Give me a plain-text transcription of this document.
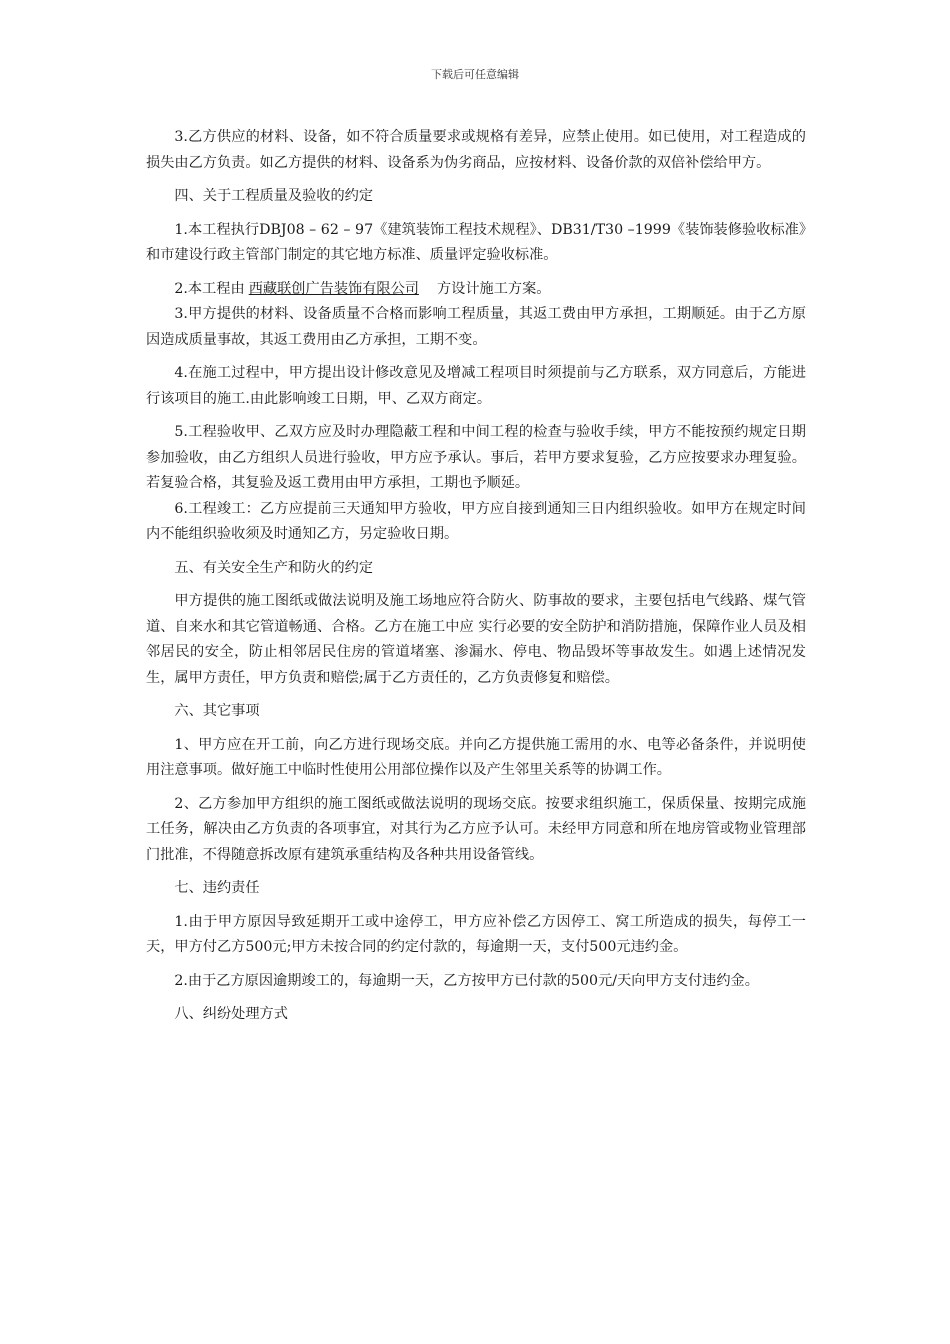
下载后可任意编辑

3.乙方供应的材料、设备，如不符合质量要求或规格有差异，应禁止使用。如已使用，对工程造成的损失由乙方负责。如乙方提供的材料、设备系为伪劣商品，应按材料、设备价款的双倍补偿给甲方。

四、关于工程质量及验收的约定

1.本工程执行DBJ08 – 62 – 97《建筑装饰工程技术规程》、DB31/T30 –1999《装饰装修验收标准》和市建设行政主管部门制定的其它地方标准、质量评定验收标准。

2.本工程由 西藏联创广告装饰有限公司 方设计施工方案。

3.甲方提供的材料、设备质量不合格而影响工程质量，其返工费由甲方承担，工期顺延。由于乙方原因造成质量事故，其返工费用由乙方承担，工期不变。

4.在施工过程中，甲方提出设计修改意见及增减工程项目时须提前与乙方联系，双方同意后，方能进行该项目的施工.由此影响竣工日期，甲、乙双方商定。

5.工程验收甲、乙双方应及时办理隐蔽工程和中间工程的检查与验收手续，甲方不能按预约规定日期参加验收，由乙方组织人员进行验收，甲方应予承认。事后，若甲方要求复验，乙方应按要求办理复验。若复验合格，其复验及返工费用由甲方承担，工期也予顺延。

6.工程竣工：乙方应提前三天通知甲方验收，甲方应自接到通知三日内组织验收。如甲方在规定时间内不能组织验收须及时通知乙方，另定验收日期。

五、有关安全生产和防火的约定

甲方提供的施工图纸或做法说明及施工场地应符合防火、防事故的要求，主要包括电气线路、煤气管道、自来水和其它管道畅通、合格。乙方在施工中应 实行必要的安全防护和消防措施，保障作业人员及相邻居民的安全，防止相邻居民住房的管道堵塞、渗漏水、停电、物品毁坏等事故发生。如遇上述情况发生，属甲方责任，甲方负责和赔偿;属于乙方责任的，乙方负责修复和赔偿。

六、其它事项

1、甲方应在开工前，向乙方进行现场交底。并向乙方提供施工需用的水、电等必备条件，并说明使用注意事项。做好施工中临时性使用公用部位操作以及产生邻里关系等的协调工作。

2、乙方参加甲方组织的施工图纸或做法说明的现场交底。按要求组织施工，保质保量、按期完成施工任务，解决由乙方负责的各项事宜，对其行为乙方应予认可。未经甲方同意和所在地房管或物业管理部门批准，不得随意拆改原有建筑承重结构及各种共用设备管线。

七、违约责任

1.由于甲方原因导致延期开工或中途停工，甲方应补偿乙方因停工、窝工所造成的损失，每停工一天，甲方付乙方500元;甲方未按合同的约定付款的，每逾期一天，支付500元违约金。

2.由于乙方原因逾期竣工的，每逾期一天，乙方按甲方已付款的500元/天向甲方支付违约金。

八、纠纷处理方式
